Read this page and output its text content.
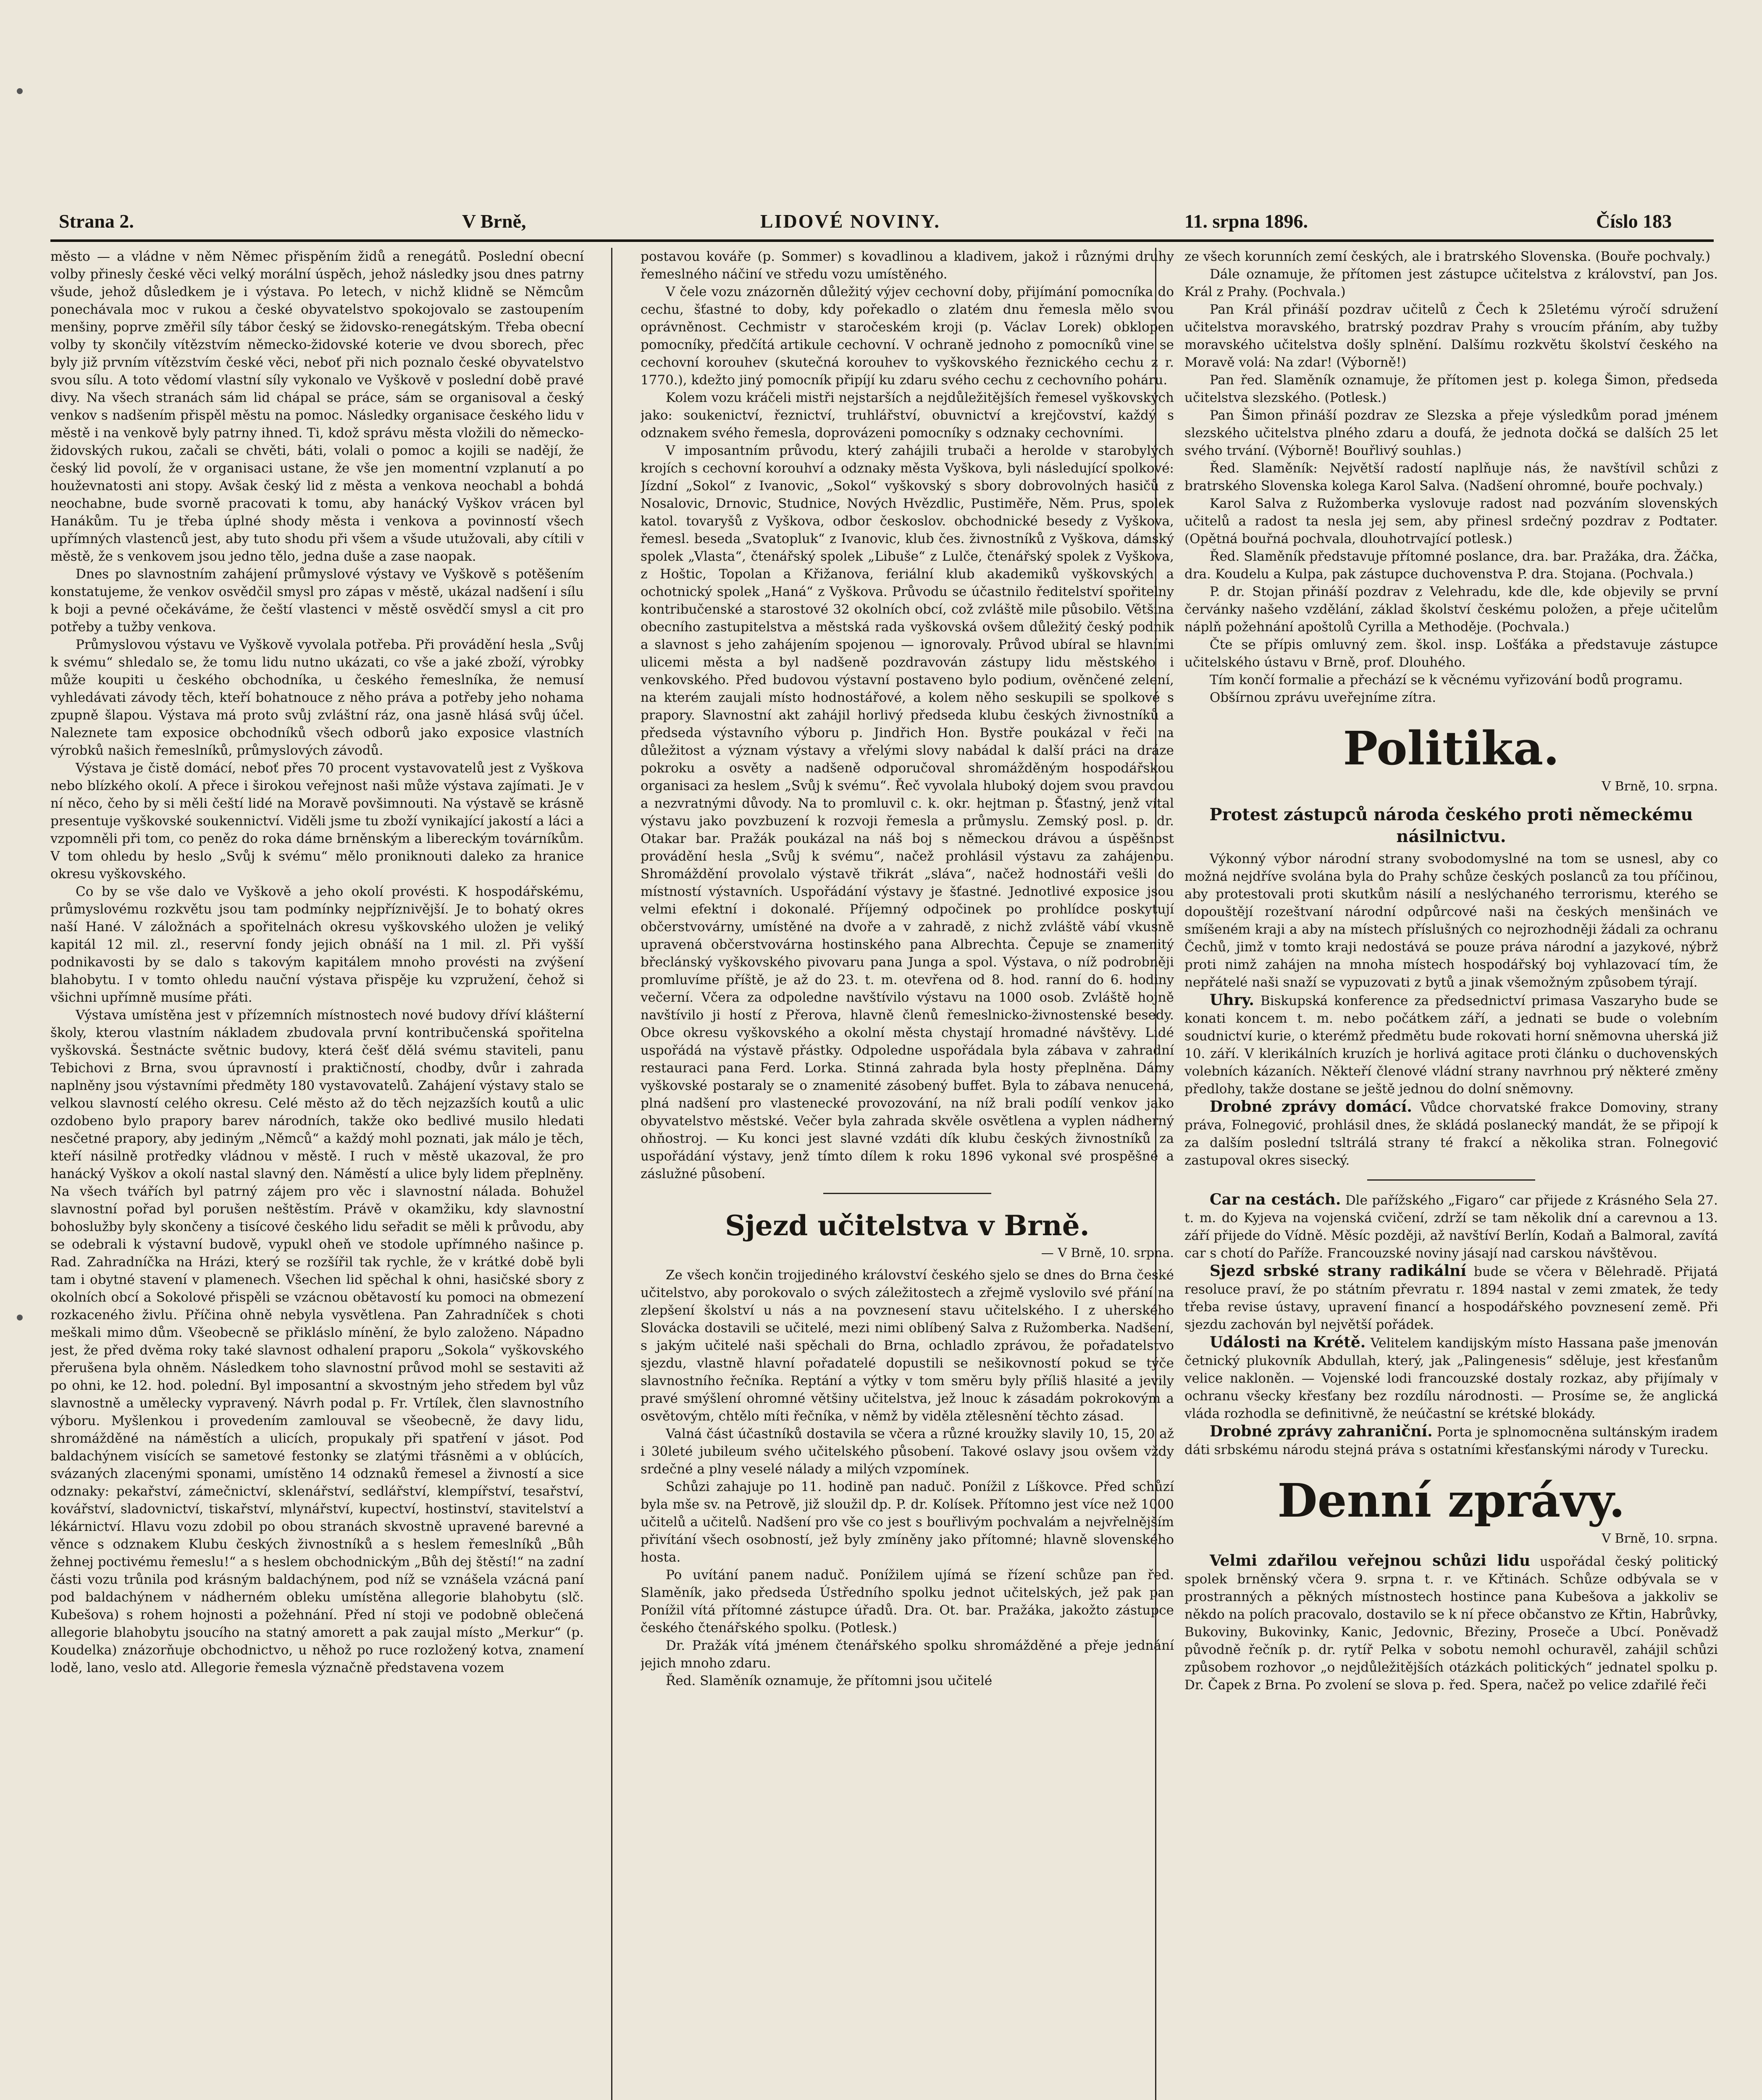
Strana 2.	V Brně,	LIDOVÉ NOVINY.	11. srpna 1896.	Číslo 183

město — a vládne v něm Němec přispěním židů a renegátů. Poslední obecní volby přinesly české věci velký morální úspěch, jehož následky jsou dnes patrny všude, jehož důsledkem je i výstava. Po letech, v nichž klidně se Němcům ponechávala moc v rukou a české obyvatelstvo spokojovalo se zastoupením menšiny, poprve změřil síly tábor český se židovsko-renegátským. Třeba obecní volby ty skončily vítězstvím německo-židovské koterie ve dvou sborech, přec byly již prvním vítězstvím české věci, neboť při nich poznalo české obyvatelstvo svou sílu. A toto vědomí vlastní síly vykonalo ve Vyškově v poslední době pravé divy. Na všech stranách sám lid chápal se práce, sám se organisoval a český venkov s nadšením přispěl městu na pomoc. Následky organisace českého lidu v městě i na venkově byly patrny ihned. Ti, kdož správu města vložili do německo-židovských rukou, začali se chvěti, báti, volali o pomoc a kojili se nadějí, že český lid povolí, že v organisaci ustane, že vše jen momentní vzplanutí a po houževnatosti ani stopy. Avšak český lid z města a venkova neochabl a bohdá neochabne, bude svorně pracovati k tomu, aby hanácký Vyškov vrácen byl Hanákům. Tu je třeba úplné shody města i venkova a povinností všech upřímných vlastenců jest, aby tuto shodu při všem a všude utužovali, aby cítili v městě, že s venkovem jsou jedno tělo, jedna duše a zase naopak.

Dnes po slavnostním zahájení průmyslové výstavy ve Vyškově s potěšením konstatujeme, že venkov osvědčil smysl pro zápas v městě, ukázal nadšení i sílu k boji a pevné očekáváme, že čeští vlastenci v městě osvědčí smysl a cit pro potřeby a tužby venkova.

Průmyslovou výstavu ve Vyškově vyvolala potřeba. Při provádění hesla „Svůj k svému“ shledalo se, že tomu lidu nutno ukázati, co vše a jaké zboží, výrobky může koupiti u českého obchodníka, u českého řemeslníka, že nemusí vyhledávati závody těch, kteří bohatnouce z něho práva a potřeby jeho nohama zpupně šlapou. Výstava má proto svůj zvláštní ráz, ona jasně hlásá svůj účel. Naleznete tam exposice obchodníků všech odborů jako exposice vlastních výrobků našich řemeslníků, průmyslových závodů.

Výstava je čistě domácí, neboť přes 70 procent vystavovatelů jest z Vyškova nebo blízkého okolí. A přece i širokou veřejnost naši může výstava zajímati. Je v ní něco, čeho by si měli čeští lidé na Moravě povšimnouti. Na výstavě se krásně presentuje vyškovské soukennictví. Viděli jsme tu zboží vynikající jakostí a láci a vzpomněli při tom, co peněz do roka dáme brněnským a libereckým továrníkům. V tom ohledu by heslo „Svůj k svému“ mělo proniknouti daleko za hranice okresu vyškovského.

Co by se vše dalo ve Vyškově a jeho okolí provésti. K hospodářskému, průmyslovému rozkvětu jsou tam podmínky nejpříznivější. Je to bohatý okres naší Hané. V záložnách a spořitelnách okresu vyškovského uložen je veliký kapitál 12 mil. zl., reservní fondy jejich obnáší na 1 mil. zl. Při vyšší podnikavosti by se dalo s takovým kapitálem mnoho provésti na zvýšení blahobytu. I v tomto ohledu nauční výstava přispěje ku vzpružení, čehož si všichni upřímně musíme přáti.

Výstava umístěna jest v přízemních místnostech nové budovy dříví klášterní školy, kterou vlastním nákladem zbudovala první kontribučenská spořitelna vyškovská. Šestnácte světnic budovy, která češť dělá svému staviteli, panu Tebichovi z Brna, svou úpravností i praktičností, chodby, dvůr i zahrada naplněny jsou výstavními předměty 180 vystavovatelů. Zahájení výstavy stalo se velkou slavností celého okresu. Celé město až do těch nejzazších koutů a ulic ozdobeno bylo prapory barev národních, takže oko bedlivé musilo hledati nesčetné prapory, aby jediným „Němců“ a každý mohl poznati, jak málo je těch, kteří násilně protředky vládnou v městě. I ruch v městě ukazoval, že pro hanácký Vyškov a okolí nastal slavný den. Náměstí a ulice byly lidem přeplněny. Na všech tvářích byl patrný zájem pro věc i slavnostní nálada. Bohužel slavnostní pořad byl porušen neštěstím. Právě v okamžiku, kdy slavnostní bohoslužby byly skončeny a tisícové českého lidu seřadit se měli k průvodu, aby se odebrali k výstavní budově, vypukl oheň ve stodole upřímného našince p. Rad. Zahradníčka na Hrázi, který se rozšířil tak rychle, že v krátké době byli tam i obytné stavení v plamenech. Všechen lid spěchal k ohni, hasičské sbory z okolních obcí a Sokolové přispěli se vzácnou obětavostí ku pomoci na obmezení rozkaceného živlu. Příčina ohně nebyla vysvětlena. Pan Zahradníček s choti meškali mimo dům. Všeobecně se přikláslo mínění, že bylo založeno. Nápadno jest, že před dvěma roky také slavnost odhalení praporu „Sokola“ vyškovského přerušena byla ohněm. Následkem toho slavnostní průvod mohl se sestaviti až po ohni, ke 12. hod. polední. Byl imposantní a skvostným jeho středem byl vůz slavnostně a umělecky vypravený. Návrh podal p. Fr. Vrtílek, člen slavnostního výboru. Myšlenkou i provedením zamlouval se všeobecně, že davy lidu, shromážděné na náměstích a ulicích, propukaly při spatření v jásot. Pod baldachýnem visících se sametové festonky se zlatými třásněmi a v oblúcích, svázaných zlacenými sponami, umístěno 14 odznaků řemesel a živností a sice odznaky: pekařství, zámečnictví, sklenářství, sedlářství, klempířství, tesařství, kovářství, sladovnictví, tiskařství, mlynářství, kupectví, hostinství, stavitelství a lékárnictví. Hlavu vozu zdobil po obou stranách skvostně upravené barevné a věnce s odznakem Klubu českých živnostníků a s heslem řemeslníků „Bůh žehnej poctivému řemeslu!“ a s heslem obchodnickým „Bůh dej štěstí!“ na zadní části vozu trůnila pod krásným baldachýnem, pod níž se vznášela vzácná paní pod baldachýnem v nádherném obleku umístěna allegorie blahobytu (slč. Kubešova) s rohem hojnosti a požehnání. Před ní stoji ve podobně oblečená allegorie blahobytu jsoucího na statný amorett a pak zaujal místo „Merkur“ (p. Koudelka) znázorňuje obchodnictvo, u něhož po ruce rozložený kotva, znamení lodě, lano, veslo atd. Allegorie řemesla význačně představena vozem

postavou kováře (p. Sommer) s kovadlinou a kladivem, jakož i různými druhy řemeslného náčiní ve středu vozu umístěného.

V čele vozu znázorněn důležitý výjev cechovní doby, přijímání pomocníka do cechu, šťastné to doby, kdy pořekadlo o zlatém dnu řemesla mělo svou oprávněnost. Cechmistr v staročeském kroji (p. Václav Lorek) obklopen pomocníky, předčítá artikule cechovní. V ochraně jednoho z pomocníků vine se cechovní korouhev (skutečná korouhev to vyškovského řeznického cechu z r. 1770.), kdežto jiný pomocník připíjí ku zdaru svého cechu z cechovního poháru.

Kolem vozu kráčeli mistři nejstarších a nejdůležitějších řemesel vyškovských jako: soukenictví, řeznictví, truhlářství, obuvnictví a krejčovství, každý s odznakem svého řemesla, doprovázeni pomocníky s odznaky cechovními.

V imposantním průvodu, který zahájili trubači a herolde v starobylých krojích s cechovní korouhví a odznaky města Vyškova, byli následující spolkové: Jízdní „Sokol“ z Ivanovic, „Sokol“ vyškovský s sbory dobrovolných hasičů z Nosalovic, Drnovic, Studnice, Nových Hvězdlic, Pustiměře, Něm. Prus, spolek katol. tovaryšů z Vyškova, odbor českoslov. obchodnické besedy z Vyškova, řemesl. beseda „Svatopluk“ z Ivanovic, klub čes. živnostníků z Vyškova, dámský spolek „Vlasta“, čtenářský spolek „Libuše“ z Lulče, čtenářský spolek z Vyškova, z Hoštic, Topolan a Křižanova, feriální klub akademiků vyškovských a ochotnický spolek „Haná“ z Vyškova. Průvodu se účastnilo ředitelství spořitelny kontribučenské a starostové 32 okolních obcí, což zvláště mile působilo. Většina obecního zastupitelstva a městská rada vyškovská ovšem důležitý český podnik a slavnost s jeho zahájením spojenou — ignorovaly. Průvod ubíral se hlavními ulicemi města a byl nadšeně pozdravován zástupy lidu městského i venkovského. Před budovou výstavní postaveno bylo podium, ověnčené zelení, na kterém zaujali místo hodnostářové, a kolem něho seskupili se spolkové s prapory. Slavnostní akt zahájil horlivý předseda klubu českých živnostníků a předseda výstavního výboru p. Jindřich Hon. Bystře poukázal v řeči na důležitost a význam výstavy a vřelými slovy nabádal k další práci na dráze pokroku a osvěty a nadšeně odporučoval shromážděným hospodářskou organisaci za heslem „Svůj k svému“. Řeč vyvolala hluboký dojem svou pravdou a nezvratnými důvody. Na to promluvil c. k. okr. hejtman p. Šťastný, jenž vítal výstavu jako povzbuzení k rozvoji řemesla a průmyslu. Zemský posl. p. dr. Otakar bar. Pražák poukázal na náš boj s německou drávou a úspěšnost provádění hesla „Svůj k svému“, načež prohlásil výstavu za zahájenou. Shromáždění provolalo výstavě třikrát „sláva“, načež hodnostáři vešli do místností výstavních. Uspořádání výstavy je šťastné. Jednotlivé exposice jsou velmi efektní i dokonalé. Příjemný odpočinek po prohlídce poskytují občerstvovárny, umístěné na dvoře a v zahradě, z nichž zvláště vábí vkusně upravená občerstvovárna hostinského pana Albrechta. Čepuje se znamenitý břeclánský vyškovského pivovaru pana Junga a spol. Výstava, o níž podrobněji promluvíme příště, je až do 23. t. m. otevřena od 8. hod. ranní do 6. hodiny večerní. Včera za odpoledne navštívilo výstavu na 1000 osob. Zvláště hojně navštívilo ji hostí z Přerova, hlavně členů řemeslnicko-živnostenské besedy. Obce okresu vyškovského a okolní města chystají hromadné návštěvy. Lidé uspořádá na výstavě přástky. Odpoledne uspořádala byla zábava v zahradní restauraci pana Ferd. Lorka. Stinná zahrada byla hosty přeplněna. Dámy vyškovské postaraly se o znamenité zásobený buffet. Byla to zábava nenucená, plná nadšení pro vlastenecké provozování, na níž brali podílí venkov jako obyvatelstvo městské. Večer byla zahrada skvěle osvětlena a vyplen nádherný ohňostroj. — Ku konci jest slavné vzdáti dík klubu českých živnostníků za uspořádání výstavy, jenž tímto dílem k roku 1896 vykonal své prospěšné a záslužné působení.

Sjezd učitelstva v Brně.
— V Brně, 10. srpna.

Ze všech končin trojjediného království českého sjelo se dnes do Brna české učitelstvo, aby porokovalo o svých záležitostech a zřejmě vyslovilo své přání na zlepšení školství u nás a na povznesení stavu učitelského. I z uherského Slovácka dostavili se učitelé, mezi nimi oblíbený Salva z Ružomberka. Nadšení, s jakým učitelé naši spěchali do Brna, ochladlo zprávou, že pořadatelstvo sjezdu, vlastně hlavní pořadatelé dopustili se nešikovností pokud se týče slavnostního řečníka. Reptání a výtky v tom směru byly příliš hlasité a jevily pravé smýšlení ohromné většiny učitelstva, jež lnouc k zásadám pokrokovým a osvětovým, chtělo míti řečníka, v němž by viděla ztělesnění těchto zásad.

Valná část účastníků dostavila se včera a různé kroužky slavily 10, 15, 20 až i 30leté jubileum svého učitelského působení. Takové oslavy jsou ovšem vždy srdečné a plny veselé nálady a milých vzpomínek.

Schůzi zahajuje po 11. hodině pan naduč. Ponížil z Líškovce. Před schůzí byla mše sv. na Petrově, již sloužil dp. P. dr. Kolísek. Přítomno jest více než 1000 učitelů a učitelů. Nadšení pro vše co jest s bouřlivým pochvalám a nejvřelnějším přivítání všech osobností, jež byly zmíněny jako přítomné; hlavně slovenského hosta.

Po uvítání panem naduč. Ponížilem ujímá se řízení schůze pan řed. Slaměník, jako předseda Ústředního spolku jednot učitelských, jež pak pan Ponížil vítá přítomné zástupce úřadů. Dra. Ot. bar. Pražáka, jakožto zástupce českého čtenářského spolku. (Potlesk.)

Dr. Pražák vítá jménem čtenářského spolku shromážděné a přeje jednání jejich mnoho zdaru.

Řed. Slaměník oznamuje, že přítomni jsou učitelé

ze všech korunních zemí českých, ale i bratrského Slovenska. (Bouře pochvaly.)

Dále oznamuje, že přítomen jest zástupce učitelstva z království, pan Jos. Král z Prahy. (Pochvala.)

Pan Král přináší pozdrav učitelů z Čech k 25letému výročí sdružení učitelstva moravského, bratrský pozdrav Prahy s vroucím přáním, aby tužby moravského učitelstva došly splnění. Dalšímu rozkvětu školství českého na Moravě volá: Na zdar! (Výborně!)

Pan řed. Slaměník oznamuje, že přítomen jest p. kolega Šimon, předseda učitelstva slezského. (Potlesk.)

Pan Šimon přináší pozdrav ze Slezska a přeje výsledkům porad jménem slezského učitelstva plného zdaru a doufá, že jednota dočká se dalších 25 let svého trvání. (Výborně! Bouřlivý souhlas.)

Řed. Slaměník: Největší radostí naplňuje nás, že navštívil schůzi z bratrského Slovenska kolega Karol Salva. (Nadšení ohromné, bouře pochvaly.)

Karol Salva z Ružomberka vyslovuje radost nad pozváním slovenských učitelů a radost ta nesla jej sem, aby přinesl srdečný pozdrav z Podtater. (Opětná bouřná pochvala, dlouhotrvající potlesk.)

Řed. Slaměník představuje přítomné poslance, dra. bar. Pražáka, dra. Žáčka, dra. Koudelu a Kulpa, pak zástupce duchovenstva P. dra. Stojana. (Pochvala.)

P. dr. Stojan přináší pozdrav z Velehradu, kde dle, kde objevily se první červánky našeho vzdělání, základ školství českému položen, a přeje učitelům náplň požehnání apoštolů Cyrilla a Methoděje. (Pochvala.)

Čte se přípis omluvný zem. škol. insp. Lošťáka a představuje zástupce učitelského ústavu v Brně, prof. Dlouhého.

Tím končí formalie a přechází se k věcnému vyřizování bodů programu.

Obšírnou zprávu uveřejníme zítra.

Politika.
V Brně, 10. srpna.
Protest zástupců národa českého proti německému násilnictvu.

Výkonný výbor národní strany svobodomyslné na tom se usnesl, aby co možná nejdříve svolána byla do Prahy schůze českých poslanců za tou příčinou, aby protestovali proti skutkům násilí a neslýchaného terrorismu, kterého se dopouštějí rozeštvaní národní odpůrcové naši na českých menšinách ve smíšeném kraji a aby na místech příslušných co nejrozhodněji žádali za ochranu Čechů, jimž v tomto kraji nedostává se pouze práva národní a jazykové, nýbrž proti nimž zahájen na mnoha místech hospodářský boj vyhlazovací tím, že nepřátelé naši snaží se vypuzovati z bytů a jinak všemožným způsobem týrají.

Uhry. Biskupská konference za předsednictví primasa Vaszaryho bude se konati koncem t. m. nebo počátkem září, a jednati se bude o volebním soudnictví kurie, o kterémž předmětu bude rokovati horní sněmovna uherská již 10. září. V klerikálních kruzích je horlivá agitace proti článku o duchovenských volebních kázaních. Někteří členové vládní strany navrhnou prý některé změny předlohy, takže dostane se ještě jednou do dolní sněmovny.

Drobné zprávy domácí. Vůdce chorvatské frakce Domoviny, strany práva, Folnegović, prohlásil dnes, že skládá poslanecký mandát, že se připojí k za dalším poslední tsltrálá strany té frakcí a několika stran. Folnegović zastupoval okres sisecký.

Car na cestách. Dle pařížského „Figaro“ car přijede z Krásného Sela 27. t. m. do Kyjeva na vojenská cvičení, zdrží se tam několik dní a carevnou a 13. září přijede do Vídně. Měsíc později, až navštíví Berlín, Kodaň a Balmoral, zavítá car s chotí do Paříže. Francouzské noviny jásají nad carskou návštěvou.

Sjezd srbské strany radikální bude se včera v Bělehradě. Přijatá resoluce praví, že po státním převratu r. 1894 nastal v zemi zmatek, že tedy třeba revise ústavy, upravení financí a hospodářského povznesení země. Při sjezdu zachován byl největší pořádek.

Události na Krétě. Velitelem kandijským místo Hassana paše jmenován četnický plukovník Abdullah, který, jak „Palingenesis“ sděluje, jest křesťanům velice nakloněn. — Vojenské lodi francouzské dostaly rozkaz, aby přijímaly v ochranu všecky křesťany bez rozdílu národnosti. — Prosíme se, že anglická vláda rozhodla se definitivně, že neúčastní se krétské blokády.

Drobné zprávy zahraniční. Porta je splnomocněna sultánským iradem dáti srbskému národu stejná práva s ostatními křesťanskými národy v Turecku.

Denní zprávy.
V Brně, 10. srpna.

Velmi zdařilou veřejnou schůzi lidu uspořádal český politický spolek brněnský včera 9. srpna t. r. ve Křtinách. Schůze odbývala se v prostranných a pěkných místnostech hostince pana Kubešova a jakkoliv se někdo na polích pracovalo, dostavilo se k ní přece občanstvo ze Křtin, Habrůvky, Bukoviny, Bukovinky, Kanic, Jedovnic, Březiny, Proseče a Ubcí. Poněvadž původně řečník p. dr. rytíř Pelka v sobotu nemohl ochuravěl, zahájil schůzi způsobem rozhovor „o nejdůležitějších otázkách politických“ jednatel spolku p. Dr. Čapek z Brna. Po zvolení se slova p. řed. Spera, načež po velice zdařilé řeči
